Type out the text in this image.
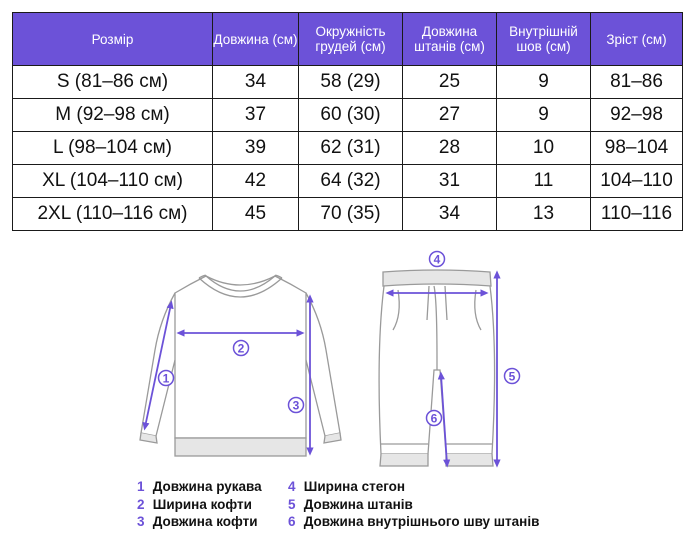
Розмір	Довжина (см)	Окружність грудей (см)	Довжина штанів (см)	Внутрішній шов (см)	Зріст (см)
S (81–86 см)	34	58 (29)	25	9	81–86
M (92–98 см)	37	60 (30)	27	9	92–98
L (98–104 см)	39	62 (31)	28	10	98–104
XL (104–110 см)	42	64 (32)	31	11	104–110
2XL (110–116 см)	45	70 (35)	34	13	110–116
1
2
3
4
5
6
1 Довжина рукава
2 Ширина кофти
3 Довжина кофти
4 Ширина стегон
5 Довжина штанів
6 Довжина внутрішнього шву штанів
